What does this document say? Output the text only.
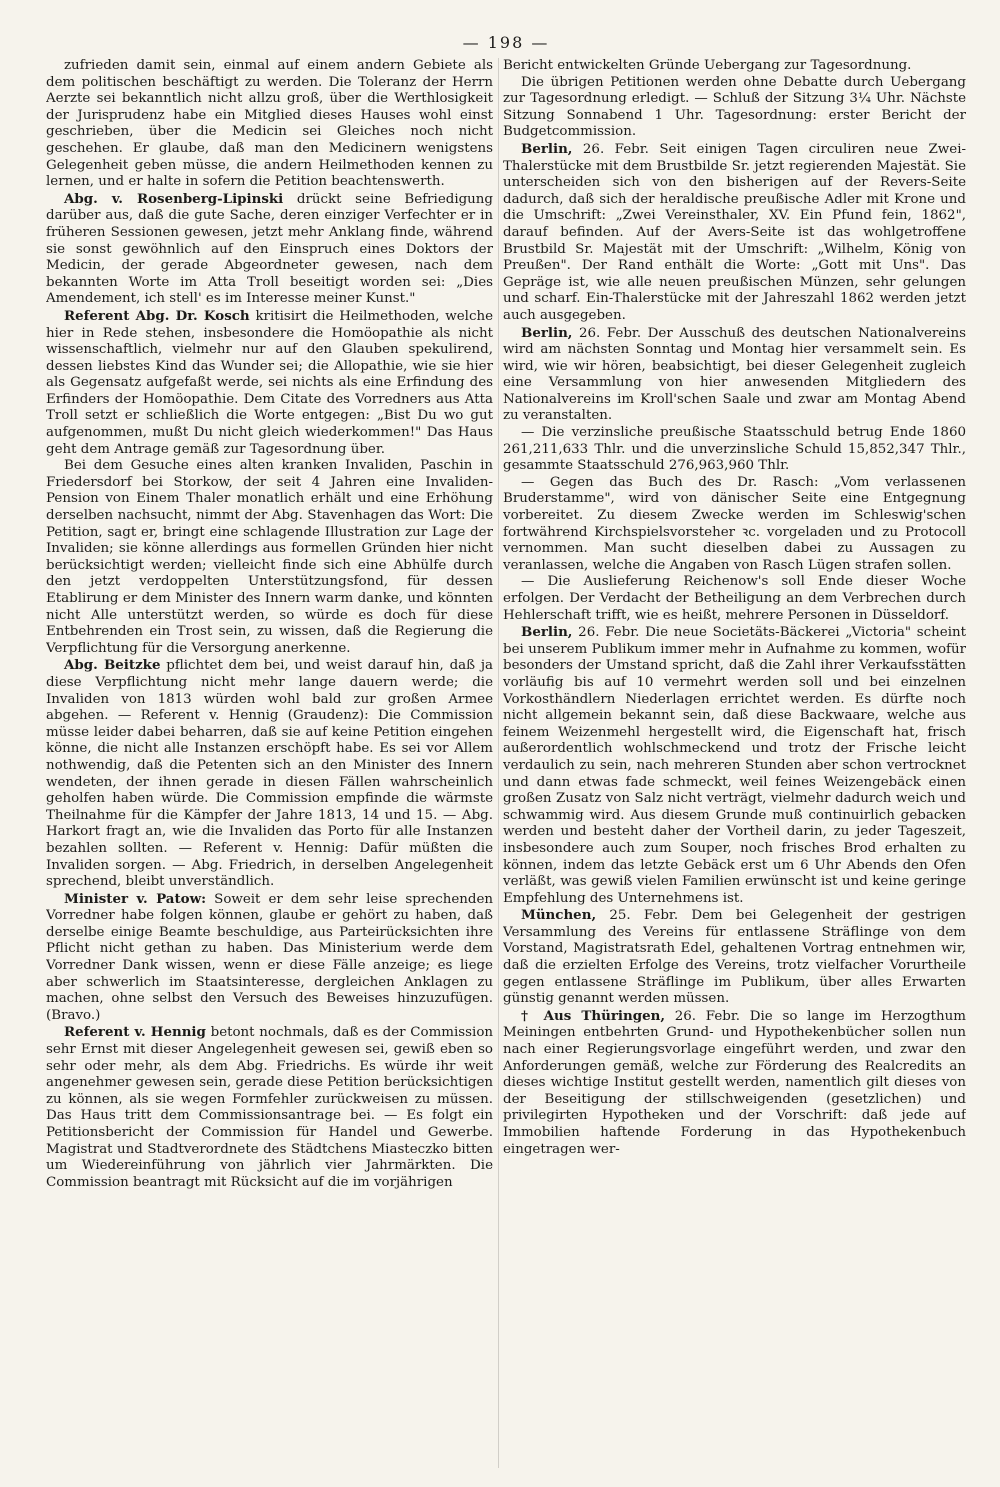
— 198 —

zufrieden damit sein, einmal auf einem andern Gebiete als dem politischen beschäftigt zu werden. Die Toleranz der Herrn Aerzte sei bekanntlich nicht allzu groß, über die Werthlosigkeit der Jurisprudenz habe ein Mitglied dieses Hauses wohl einst geschrieben, über die Medicin sei Gleiches noch nicht geschehen. Er glaube, daß man den Medicinern wenigstens Gelegenheit geben müsse, die andern Heilmethoden kennen zu lernen, und er halte in sofern die Petition beachtenswerth.

Abg. v. Rosenberg-Lipinski drückt seine Befriedigung darüber aus, daß die gute Sache, deren einziger Verfechter er in früheren Sessionen gewesen, jetzt mehr Anklang finde, während sie sonst gewöhnlich auf den Einspruch eines Doktors der Medicin, der gerade Abgeordneter gewesen, nach dem bekannten Worte im Atta Troll beseitigt worden sei: „Dies Amendement, ich stell' es im Interesse meiner Kunst."

Referent Abg. Dr. Kosch kritisirt die Heilmethoden, welche hier in Rede stehen, insbesondere die Homöopathie als nicht wissenschaftlich, vielmehr nur auf den Glauben spekulirend, dessen liebstes Kind das Wunder sei; die Allopathie, wie sie hier als Gegensatz aufgefaßt werde, sei nichts als eine Erfindung des Erfinders der Homöopathie. Dem Citate des Vorredners aus Atta Troll setzt er schließlich die Worte entgegen: „Bist Du wo gut aufgenommen, mußt Du nicht gleich wiederkommen!" Das Haus geht dem Antrage gemäß zur Tagesordnung über.

Bei dem Gesuche eines alten kranken Invaliden, Paschin in Friedersdorf bei Storkow, der seit 4 Jahren eine Invaliden-Pension von Einem Thaler monatlich erhält und eine Erhöhung derselben nachsucht, nimmt der Abg. Stavenhagen das Wort: Die Petition, sagt er, bringt eine schlagende Illustration zur Lage der Invaliden; sie könne allerdings aus formellen Gründen hier nicht berücksichtigt werden; vielleicht finde sich eine Abhülfe durch den jetzt verdoppelten Unterstützungsfond, für dessen Etablirung er dem Minister des Innern warm danke, und könnten nicht Alle unterstützt werden, so würde es doch für diese Entbehrenden ein Trost sein, zu wissen, daß die Regierung die Verpflichtung für die Versorgung anerkenne.

Abg. Beitzke pflichtet dem bei, und weist darauf hin, daß ja diese Verpflichtung nicht mehr lange dauern werde; die Invaliden von 1813 würden wohl bald zur großen Armee abgehen. — Referent v. Hennig (Graudenz): Die Commission müsse leider dabei beharren, daß sie auf keine Petition eingehen könne, die nicht alle Instanzen erschöpft habe. Es sei vor Allem nothwendig, daß die Petenten sich an den Minister des Innern wendeten, der ihnen gerade in diesen Fällen wahrscheinlich geholfen haben würde. Die Commission empfinde die wärmste Theilnahme für die Kämpfer der Jahre 1813, 14 und 15. — Abg. Harkort fragt an, wie die Invaliden das Porto für alle Instanzen bezahlen sollten. — Referent v. Hennig: Dafür müßten die Invaliden sorgen. — Abg. Friedrich, in derselben Angelegenheit sprechend, bleibt unverständlich.

Minister v. Patow: Soweit er dem sehr leise sprechenden Vorredner habe folgen können, glaube er gehört zu haben, daß derselbe einige Beamte beschuldige, aus Parteirücksichten ihre Pflicht nicht gethan zu haben. Das Ministerium werde dem Vorredner Dank wissen, wenn er diese Fälle anzeige; es liege aber schwerlich im Staatsinteresse, dergleichen Anklagen zu machen, ohne selbst den Versuch des Beweises hinzuzufügen. (Bravo.)

Referent v. Hennig betont nochmals, daß es der Commission sehr Ernst mit dieser Angelegenheit gewesen sei, gewiß eben so sehr oder mehr, als dem Abg. Friedrichs. Es würde ihr weit angenehmer gewesen sein, gerade diese Petition berücksichtigen zu können, als sie wegen Formfehler zurückweisen zu müssen. Das Haus tritt dem Commissionsantrage bei. — Es folgt ein Petitionsbericht der Commission für Handel und Gewerbe. Magistrat und Stadtverordnete des Städtchens Miasteczko bitten um Wiedereinführung von jährlich vier Jahrmärkten. Die Commission beantragt mit Rücksicht auf die im vorjährigen

Bericht entwickelten Gründe Uebergang zur Tagesordnung.

Die übrigen Petitionen werden ohne Debatte durch Uebergang zur Tagesordnung erledigt. — Schluß der Sitzung 3¼ Uhr. Nächste Sitzung Sonnabend 1 Uhr. Tagesordnung: erster Bericht der Budgetcommission.

Berlin, 26. Febr. Seit einigen Tagen circuliren neue Zwei-Thalerstücke mit dem Brustbilde Sr. jetzt regierenden Majestät. Sie unterscheiden sich von den bisherigen auf der Revers-Seite dadurch, daß sich der heraldische preußische Adler mit Krone und die Umschrift: „Zwei Vereinsthaler, XV. Ein Pfund fein, 1862", darauf befinden. Auf der Avers-Seite ist das wohlgetroffene Brustbild Sr. Majestät mit der Umschrift: „Wilhelm, König von Preußen". Der Rand enthält die Worte: „Gott mit Uns". Das Gepräge ist, wie alle neuen preußischen Münzen, sehr gelungen und scharf. Ein-Thalerstücke mit der Jahreszahl 1862 werden jetzt auch ausgegeben.

Berlin, 26. Febr. Der Ausschuß des deutschen Nationalvereins wird am nächsten Sonntag und Montag hier versammelt sein. Es wird, wie wir hören, beabsichtigt, bei dieser Gelegenheit zugleich eine Versammlung von hier anwesenden Mitgliedern des Nationalvereins im Kroll'schen Saale und zwar am Montag Abend zu veranstalten.

— Die verzinsliche preußische Staatsschuld betrug Ende 1860 261,211,633 Thlr. und die unverzinsliche Schuld 15,852,347 Thlr., gesammte Staatsschuld 276,963,960 Thlr.

— Gegen das Buch des Dr. Rasch: „Vom verlassenen Bruderstamme", wird von dänischer Seite eine Entgegnung vorbereitet. Zu diesem Zwecke werden im Schleswig'schen fortwährend Kirchspielsvorsteher ꝛc. vorgeladen und zu Protocoll vernommen. Man sucht dieselben dabei zu Aussagen zu veranlassen, welche die Angaben von Rasch Lügen strafen sollen.

— Die Auslieferung Reichenow's soll Ende dieser Woche erfolgen. Der Verdacht der Betheiligung an dem Verbrechen durch Hehlerschaft trifft, wie es heißt, mehrere Personen in Düsseldorf.

Berlin, 26. Febr. Die neue Societäts-Bäckerei „Victoria" scheint bei unserem Publikum immer mehr in Aufnahme zu kommen, wofür besonders der Umstand spricht, daß die Zahl ihrer Verkaufsstätten vorläufig bis auf 10 vermehrt werden soll und bei einzelnen Vorkosthändlern Niederlagen errichtet werden. Es dürfte noch nicht allgemein bekannt sein, daß diese Backwaare, welche aus feinem Weizenmehl hergestellt wird, die Eigenschaft hat, frisch außerordentlich wohlschmeckend und trotz der Frische leicht verdaulich zu sein, nach mehreren Stunden aber schon vertrocknet und dann etwas fade schmeckt, weil feines Weizengebäck einen großen Zusatz von Salz nicht verträgt, vielmehr dadurch weich und schwammig wird. Aus diesem Grunde muß continuirlich gebacken werden und besteht daher der Vortheil darin, zu jeder Tageszeit, insbesondere auch zum Souper, noch frisches Brod erhalten zu können, indem das letzte Gebäck erst um 6 Uhr Abends den Ofen verläßt, was gewiß vielen Familien erwünscht ist und keine geringe Empfehlung des Unternehmens ist.

München, 25. Febr. Dem bei Gelegenheit der gestrigen Versammlung des Vereins für entlassene Sträflinge von dem Vorstand, Magistratsrath Edel, gehaltenen Vortrag entnehmen wir, daß die erzielten Erfolge des Vereins, trotz vielfacher Vorurtheile gegen entlassene Sträflinge im Publikum, über alles Erwarten günstig genannt werden müssen.

† Aus Thüringen, 26. Febr. Die so lange im Herzogthum Meiningen entbehrten Grund- und Hypothekenbücher sollen nun nach einer Regierungsvorlage eingeführt werden, und zwar den Anforderungen gemäß, welche zur Förderung des Realcredits an dieses wichtige Institut gestellt werden, namentlich gilt dieses von der Beseitigung der stillschweigenden (gesetzlichen) und privilegirten Hypotheken und der Vorschrift: daß jede auf Immobilien haftende Forderung in das Hypothekenbuch eingetragen wer-
